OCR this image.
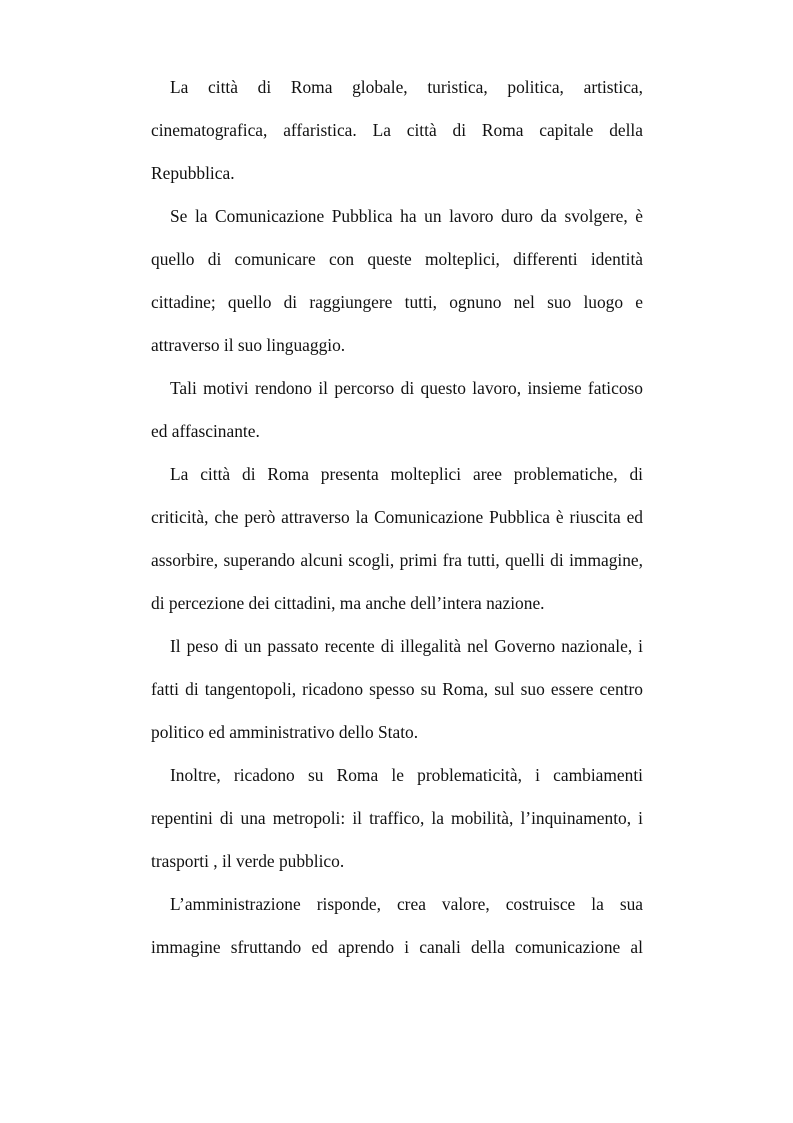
La città di Roma globale, turistica, politica, artistica, cinematografica, affaristica. La città di Roma capitale della Repubblica.

Se la Comunicazione Pubblica ha un lavoro duro da svolgere, è quello di comunicare con queste molteplici, differenti identità cittadine; quello di raggiungere tutti, ognuno nel suo luogo e attraverso il suo linguaggio.

Tali motivi rendono il percorso di questo lavoro, insieme faticoso ed affascinante.

La città di Roma presenta molteplici aree problematiche, di criticità, che però attraverso la Comunicazione Pubblica è riuscita ed assorbire, superando alcuni scogli, primi fra tutti, quelli di immagine, di percezione dei cittadini, ma anche dell’intera nazione.

Il peso di un passato recente di illegalità nel Governo nazionale, i fatti di tangentopoli, ricadono spesso su Roma, sul suo essere centro politico ed amministrativo dello Stato.

Inoltre, ricadono su Roma le problematicità, i cambiamenti repentini di una metropoli: il traffico, la mobilità, l’inquinamento, i trasporti , il verde pubblico.

L’amministrazione risponde, crea valore, costruisce la sua immagine sfruttando ed aprendo i canali della comunicazione al
